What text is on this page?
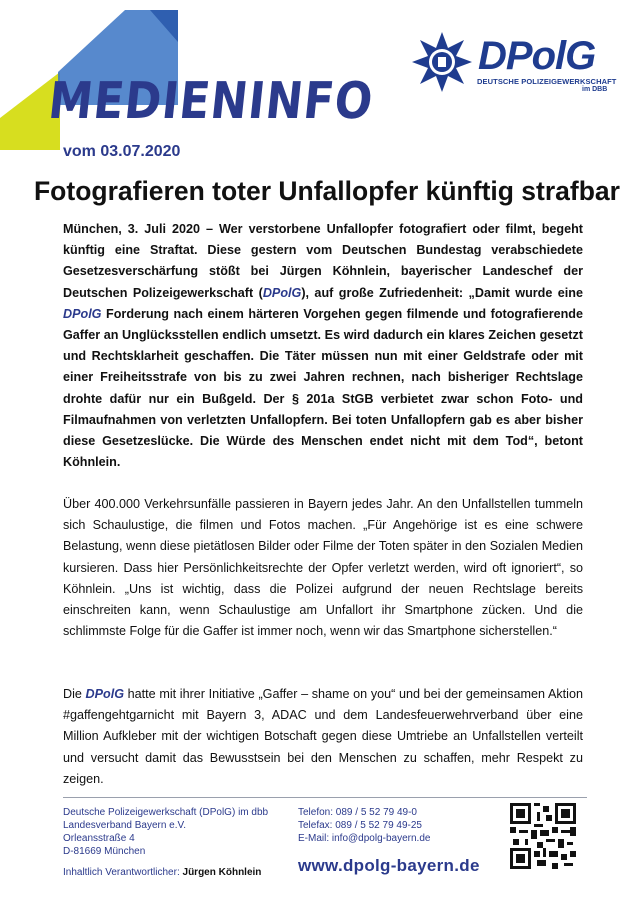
MEDIENINFO
vom 03.07.2020
DPolG
DEUTSCHE POLIZEIGEWERKSCHAFT
im DBB
Fotografieren toter Unfallopfer künftig strafbar

München, 3. Juli 2020 – Wer verstorbene Unfallopfer fotografiert oder filmt, begeht künftig eine Straftat. Diese gestern vom Deutschen Bundestag verabschiedete Gesetzesverschärfung stößt bei Jürgen Köhnlein, bayerischer Landeschef der Deutschen Polizeigewerkschaft (DPolG), auf große Zufriedenheit: „Damit wurde eine DPolG Forderung nach einem härteren Vorgehen gegen filmende und fotografierende Gaffer an Unglücksstellen endlich umsetzt. Es wird dadurch ein klares Zeichen gesetzt und Rechtsklarheit geschaffen. Die Täter müssen nun mit einer Geldstrafe oder mit einer Freiheitsstrafe von bis zu zwei Jahren rechnen, nach bisheriger Rechtslage drohte dafür nur ein Bußgeld. Der § 201a StGB verbietet zwar schon Foto- und Filmaufnahmen von verletzten Unfallopfern. Bei toten Unfallopfern gab es aber bisher diese Gesetzeslücke. Die Würde des Menschen endet nicht mit dem Tod“, betont Köhnlein.

Über 400.000 Verkehrsunfälle passieren in Bayern jedes Jahr. An den Unfallstellen tummeln sich Schaulustige, die filmen und Fotos machen. „Für Angehörige ist es eine schwere Belastung, wenn diese pietätlosen Bilder oder Filme der Toten später in den Sozialen Medien kursieren. Dass hier Persönlichkeitsrechte der Opfer verletzt werden, wird oft ignoriert“, so Köhnlein. „Uns ist wichtig, dass die Polizei aufgrund der neuen Rechtslage bereits einschreiten kann, wenn Schaulustige am Unfallort ihr Smartphone zücken. Und die schlimmste Folge für die Gaffer ist immer noch, wenn wir das Smartphone sicherstellen.“

Die DPolG hatte mit ihrer Initiative „Gaffer – shame on you“ und bei der gemeinsamen Aktion #gaffengehtgarnicht mit Bayern 3, ADAC und dem Landesfeuerwehrverband über eine Million Aufkleber mit der wichtigen Botschaft gegen diese Umtriebe an Unfallstellen verteilt und versucht damit das Bewusstsein bei den Menschen zu schaffen, mehr Respekt zu zeigen.

Deutsche Polizeigewerkschaft (DPolG) im dbb
Landesverband Bayern e.V.
Orleansstraße 4
D-81669 München
Inhaltlich Verantwortlicher: Jürgen Köhnlein
Telefon: 089 / 5 52 79 49-0
Telefax: 089 / 5 52 79 49-25
E-Mail: info@dpolg-bayern.de
www.dpolg-bayern.de
